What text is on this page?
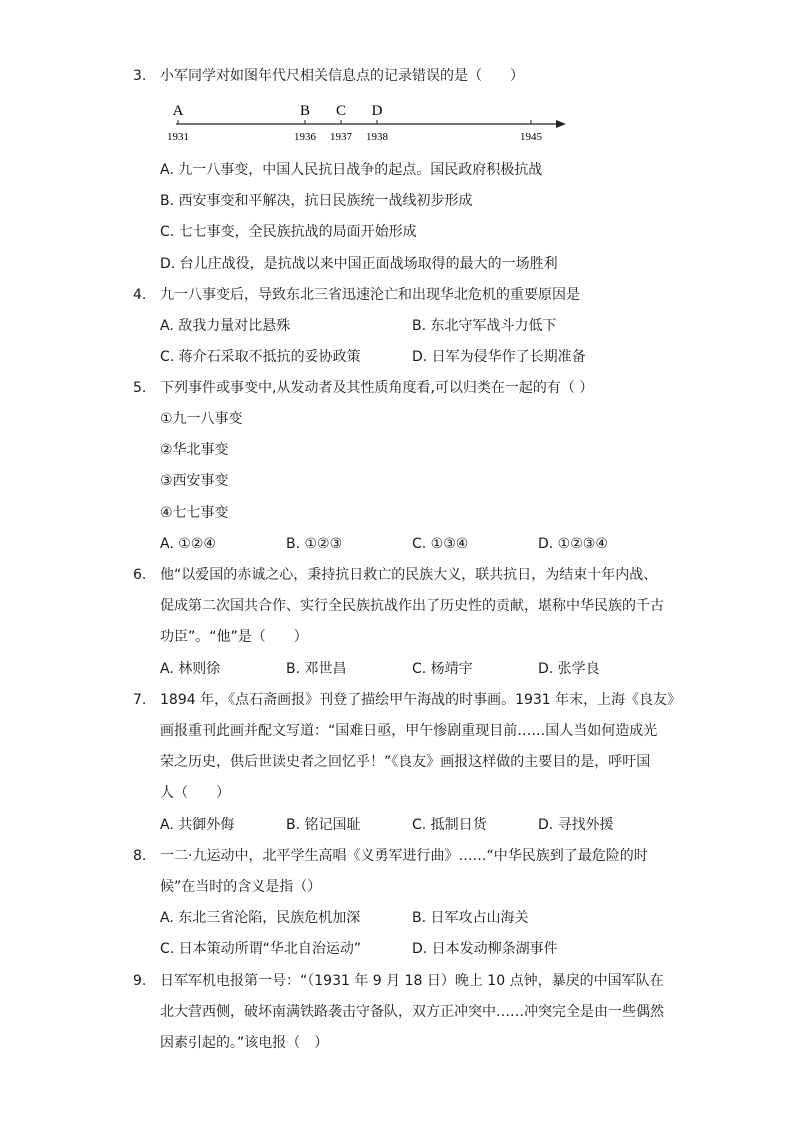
3. 小军同学对如图年代尺相关信息点的记录错误的是（　　）
A
1931
B
1936
C
1937
D
1938	1945
A. 九一八事变，中国人民抗日战争的起点。国民政府积极抗战
B. 西安事变和平解决，抗日民族统一战线初步形成
C. 七七事变，全民族抗战的局面开始形成
D. 台儿庄战役，是抗战以来中国正面战场取得的最大的一场胜利
4. 九一八事变后，导致东北三省迅速沦亡和出现华北危机的重要原因是
A. 敌我力量对比悬殊	B. 东北守军战斗力低下
C. 蒋介石采取不抵抗的妥协政策	D. 日军为侵华作了长期准备
5. 下列事件或事变中,从发动者及其性质角度看,可以归类在一起的有（ ）
①九一八事变
②华北事变
③西安事变
④七七事变
A. ①②④	B. ①②③	C. ①③④	D. ①②③④
6. 他“以爱国的赤诚之心，秉持抗日救亡的民族大义，联共抗日，为结束十年内战、
促成第二次国共合作、实行全民族抗战作出了历史性的贡献，堪称中华民族的千古
功臣”。“他”是（　　）
A. 林则徐	B. 邓世昌	C. 杨靖宇	D. 张学良
7. 1894 年，《点石斋画报》刊登了描绘甲午海战的时事画。1931 年末，上海《良友》
画报重刊此画并配文写道：“国难日亟，甲午惨剧重现目前……国人当如何造成光
荣之历史，供后世读史者之回忆乎！”《良友》画报这样做的主要目的是，呼吁国
人（　　）
A. 共御外侮	B. 铭记国耻	C. 抵制日货	D. 寻找外援
8. 一二·九运动中，北平学生高唱《义勇军进行曲》……“中华民族到了最危险的时
候”在当时的含义是指（）
A. 东北三省沦陷，民族危机加深	B. 日军攻占山海关
C. 日本策动所谓“华北自治运动”	D. 日本发动柳条湖事件
9. 日军军机电报第一号：“（1931 年 9 月 18 日）晚上 10 点钟，暴戾的中国军队在
北大营西侧，破坏南满铁路袭击守备队，双方正冲突中……冲突完全是由一些偶然
因素引起的。”该电报（　）
